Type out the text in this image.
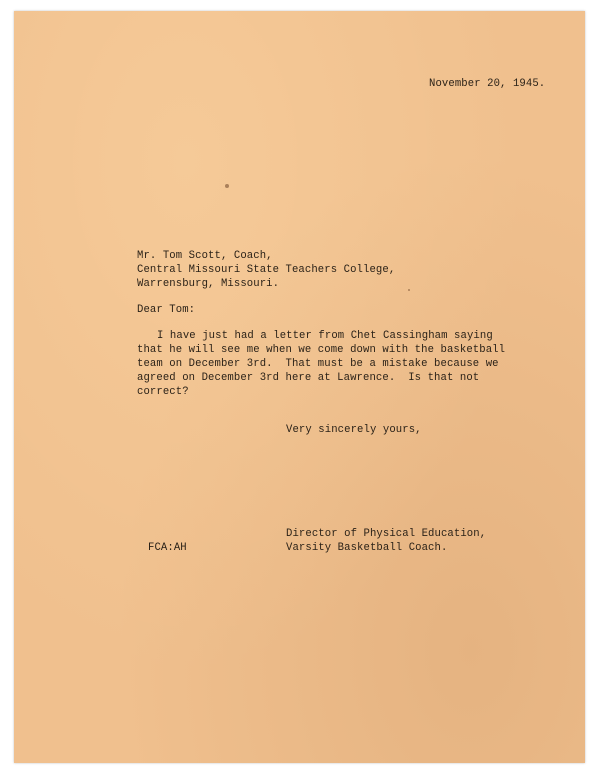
November 20, 1945.
Mr. Tom Scott, Coach,
Central Missouri State Teachers College,
Warrensburg, Missouri.
Dear Tom:
I have just had a letter from Chet Cassingham saying
that he will see me when we come down with the basketball
team on December 3rd.  That must be a mistake because we
agreed on December 3rd here at Lawrence.  Is that not
correct?
Very sincerely yours,
Director of Physical Education,
Varsity Basketball Coach.
FCA:AH
